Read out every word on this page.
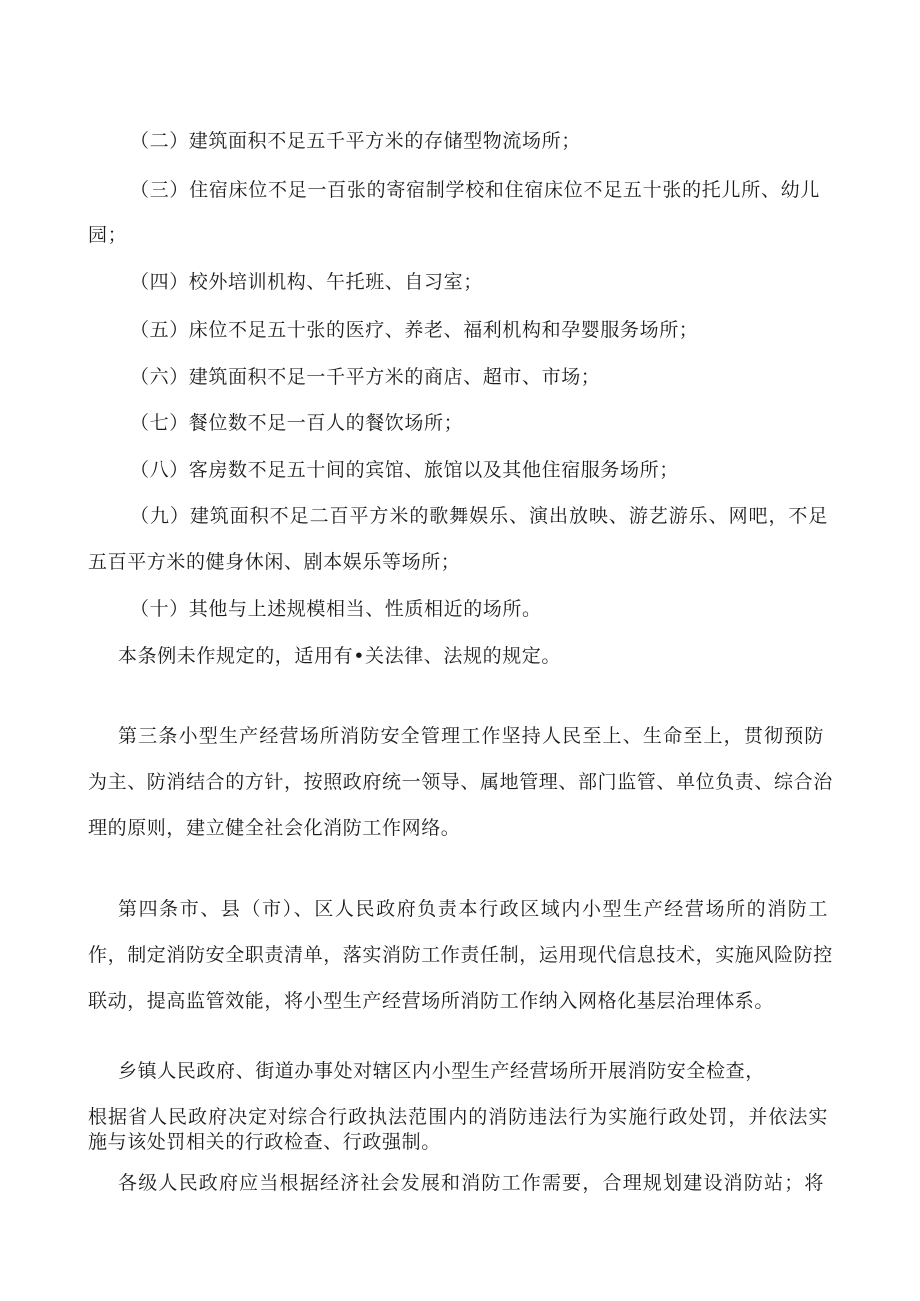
（二）建筑面积不足五千平方米的存储型物流场所；
（三）住宿床位不足一百张的寄宿制学校和住宿床位不足五十张的托儿所、幼儿
园；
（四）校外培训机构、午托班、自习室；
（五）床位不足五十张的医疗、养老、福利机构和孕婴服务场所；
（六）建筑面积不足一千平方米的商店、超市、市场；
（七）餐位数不足一百人的餐饮场所；
（八）客房数不足五十间的宾馆、旅馆以及其他住宿服务场所；
（九）建筑面积不足二百平方米的歌舞娱乐、演出放映、游艺游乐、网吧，不足
五百平方米的健身休闲、剧本娱乐等场所；
（十）其他与上述规模相当、性质相近的场所。
本条例未作规定的，适用有•关法律、法规的规定。
第三条小型生产经营场所消防安全管理工作坚持人民至上、生命至上，贯彻预防
为主、防消结合的方针，按照政府统一领导、属地管理、部门监管、单位负责、综合治
理的原则，建立健全社会化消防工作网络。
第四条市、县（市）、区人民政府负责本行政区域内小型生产经营场所的消防工
作，制定消防安全职责清单，落实消防工作责任制，运用现代信息技术，实施风险防控
联动，提高监管效能，将小型生产经营场所消防工作纳入网格化基层治理体系。
乡镇人民政府、街道办事处对辖区内小型生产经营场所开展消防安全检查，
根据省人民政府决定对综合行政执法范围内的消防违法行为实施行政处罚，并依法实
施与该处罚相关的行政检查、行政强制。
各级人民政府应当根据经济社会发展和消防工作需要，合理规划建设消防站；将
